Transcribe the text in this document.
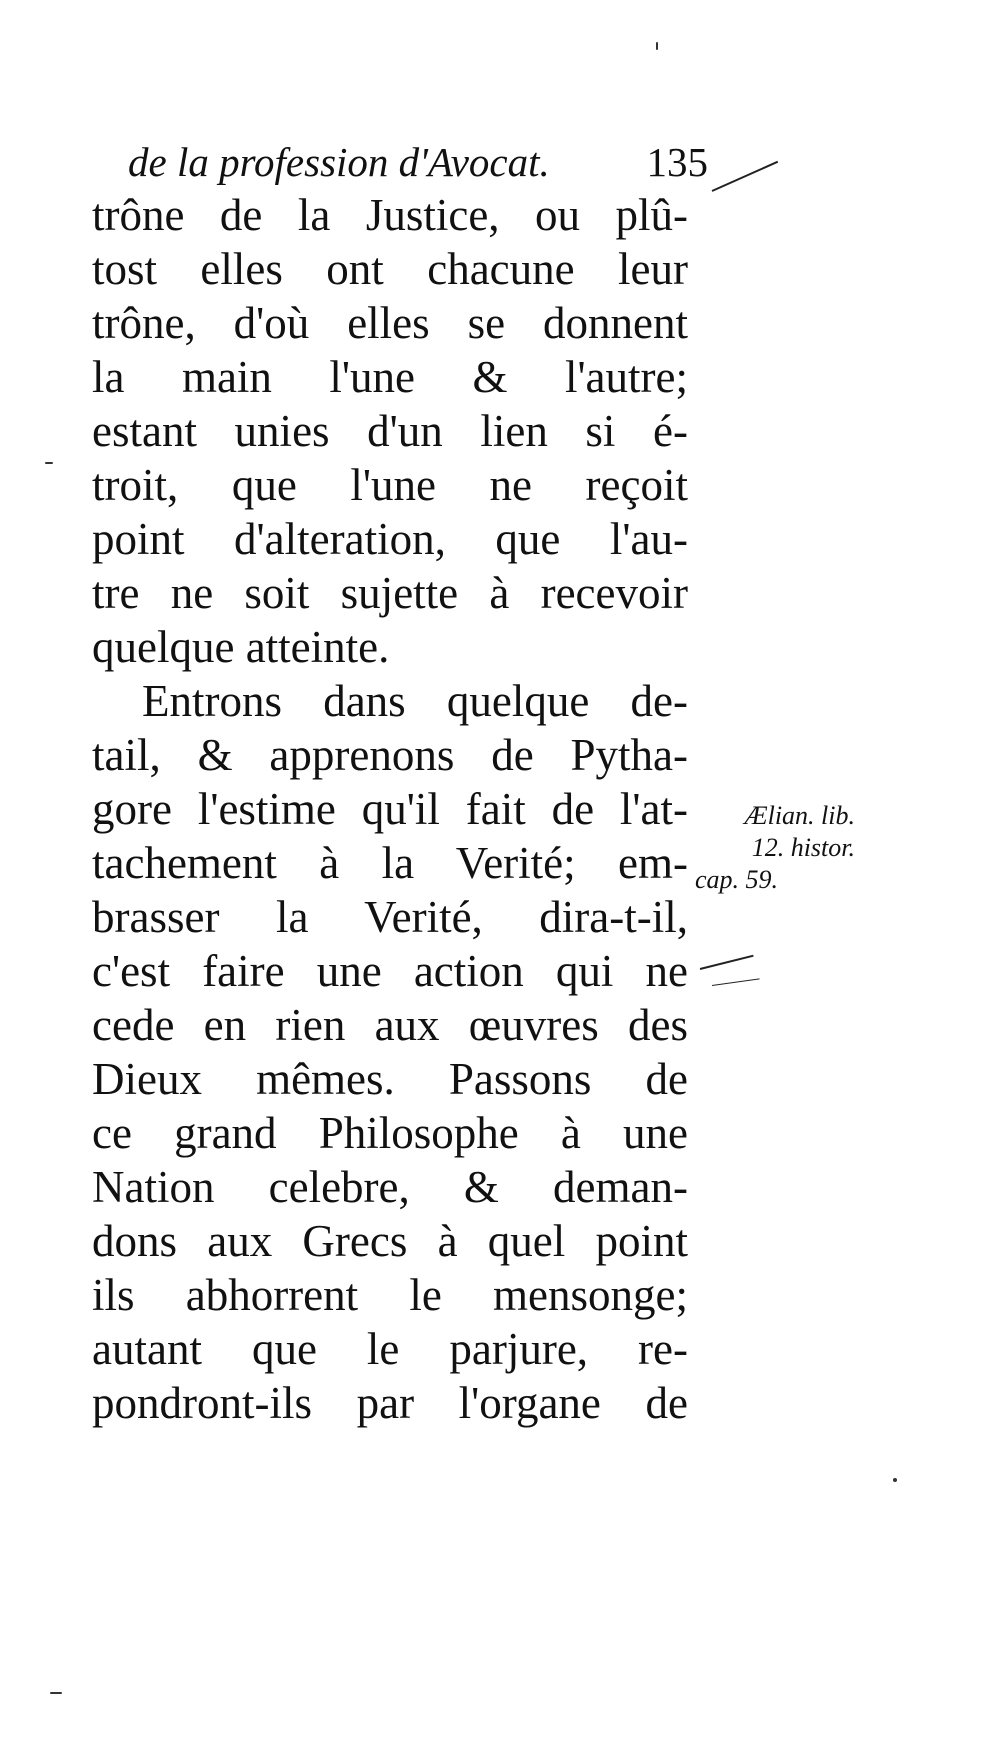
de la profession d'Avocat. 135
trône de la Justice, ou plû-
tost elles ont chacune leur
trône, d'où elles se donnent
la main l'une & l'autre;
estant unies d'un lien si é-
troit, que l'une ne reçoit
point d'alteration, que l'au-
tre ne soit sujette à recevoir
quelque atteinte.
Entrons dans quelque de-
tail, & apprenons de Pytha-
gore l'estime qu'il fait de l'at-
tachement à la Verité; em-
brasser la Verité, dira-t-il,
c'est faire une action qui ne
cede en rien aux œuvres des
Dieux mêmes. Passons de
ce grand Philosophe à une
Nation celebre, & deman-
dons aux Grecs à quel point
ils abhorrent le mensonge;
autant que le parjure, re-
pondront-ils par l'organe de
Ælian. lib.
12. histor.
cap. 59.
